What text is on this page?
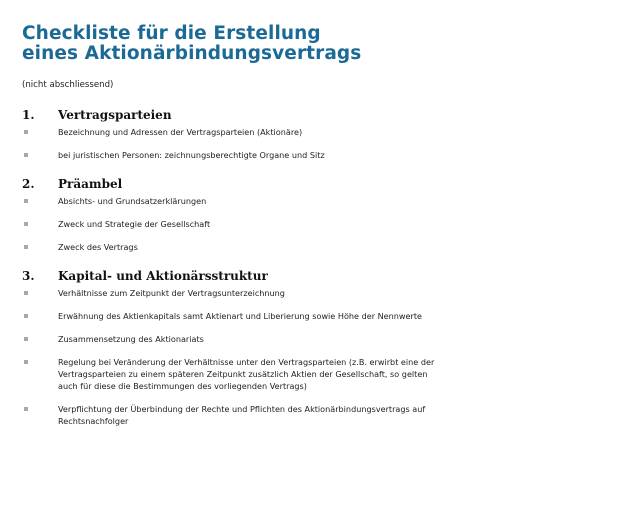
Checkliste für die Erstellung
eines Aktionärbindungsvertrags

(nicht abschliessend)

1.	Vertragsparteien
Bezeichnung und Adressen der Vertragsparteien (Aktionäre)
bei juristischen Personen: zeichnungsberechtigte Organe und Sitz
2.	Präambel
Absichts- und Grundsatzerklärungen
Zweck und Strategie der Gesellschaft
Zweck des Vertrags
3.	Kapital- und Aktionärsstruktur
Verhältnisse zum Zeitpunkt der Vertragsunterzeichnung
Erwähnung des Aktienkapitals samt Aktienart und Liberierung sowie Höhe der Nennwerte
Zusammensetzung des Aktionariats
Regelung bei Veränderung der Verhältnisse unter den Vertragsparteien (z.B. erwirbt eine der
Vertragsparteien zu einem späteren Zeitpunkt zusätzlich Aktien der Gesellschaft, so gelten
auch für diese die Bestimmungen des vorliegenden Vertrags)
Verpflichtung der Überbindung der Rechte und Pflichten des Aktionärbindungsvertrags auf
Rechtsnachfolger
